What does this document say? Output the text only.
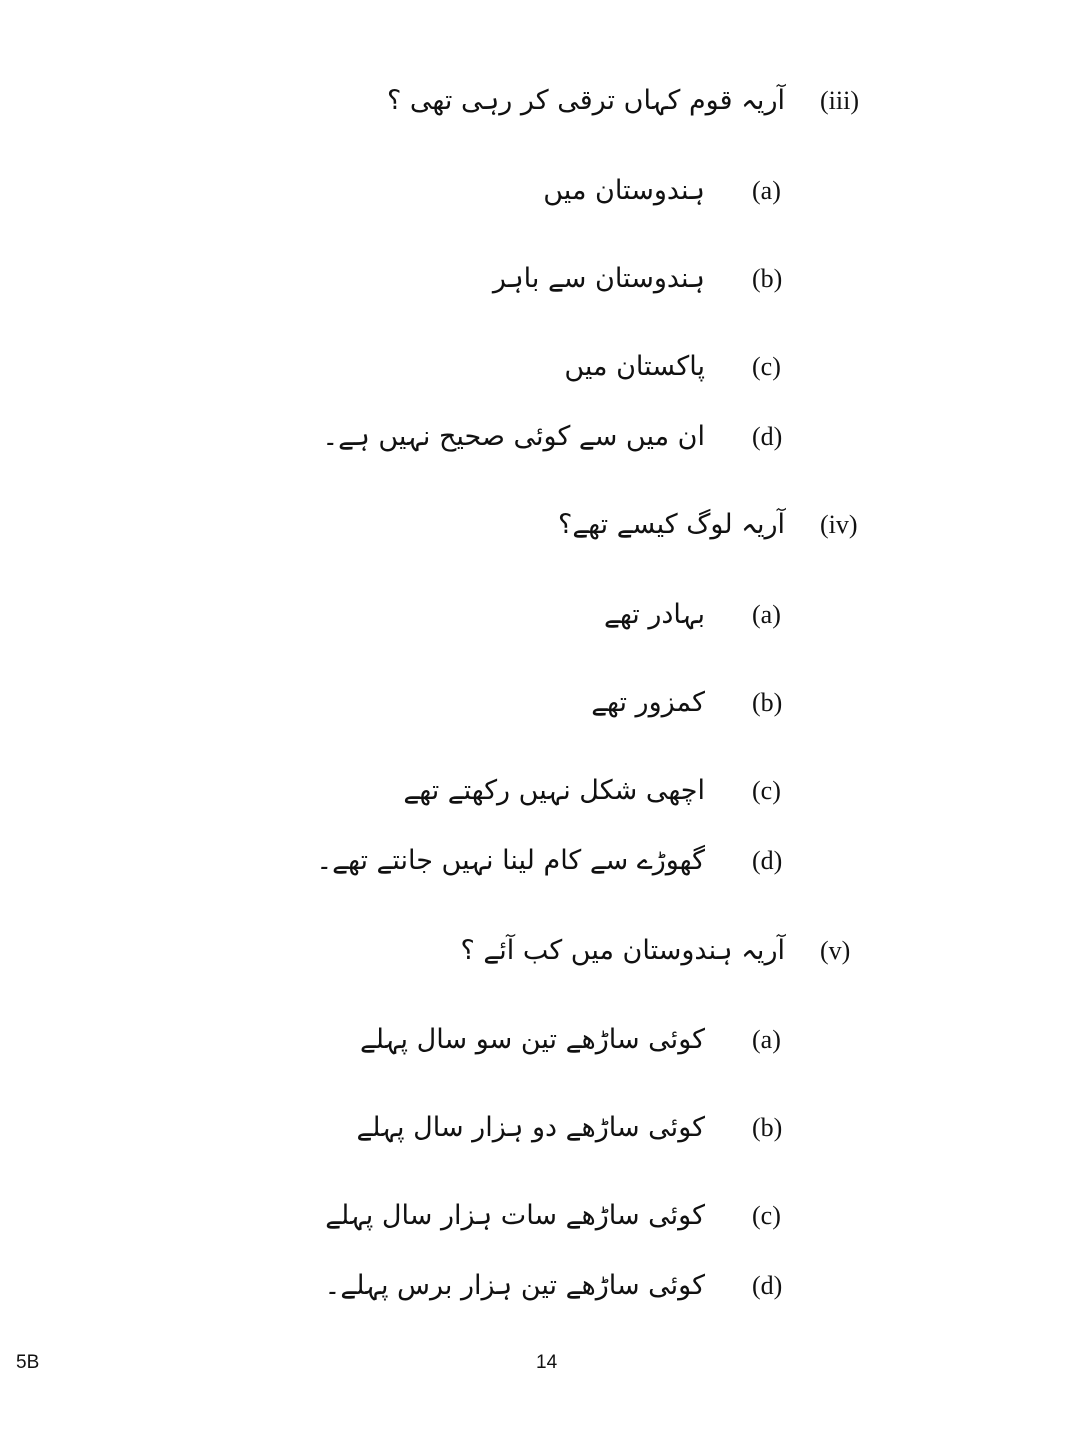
(iii)
آریہ قوم کہاں ترقی کر رہی تھی ؟
(a)
ہندوستان میں
(b)
ہندوستان سے باہر
(c)
پاکستان میں
(d)
ان میں سے کوئی صحیح نہیں ہے۔
(iv)
آریہ لوگ کیسے تھے؟
(a)
بہادر تھے
(b)
کمزور تھے
(c)
اچھی شکل نہیں رکھتے تھے
(d)
گھوڑے سے کام لینا نہیں جانتے تھے۔
(v)
آریہ ہندوستان میں کب آئے ؟
(a)
کوئی ساڑھے تین سو سال پہلے
(b)
کوئی ساڑھے دو ہزار سال پہلے
(c)
کوئی ساڑھے سات ہزار سال پہلے
(d)
کوئی ساڑھے تین ہزار برس پہلے۔
5B	14
